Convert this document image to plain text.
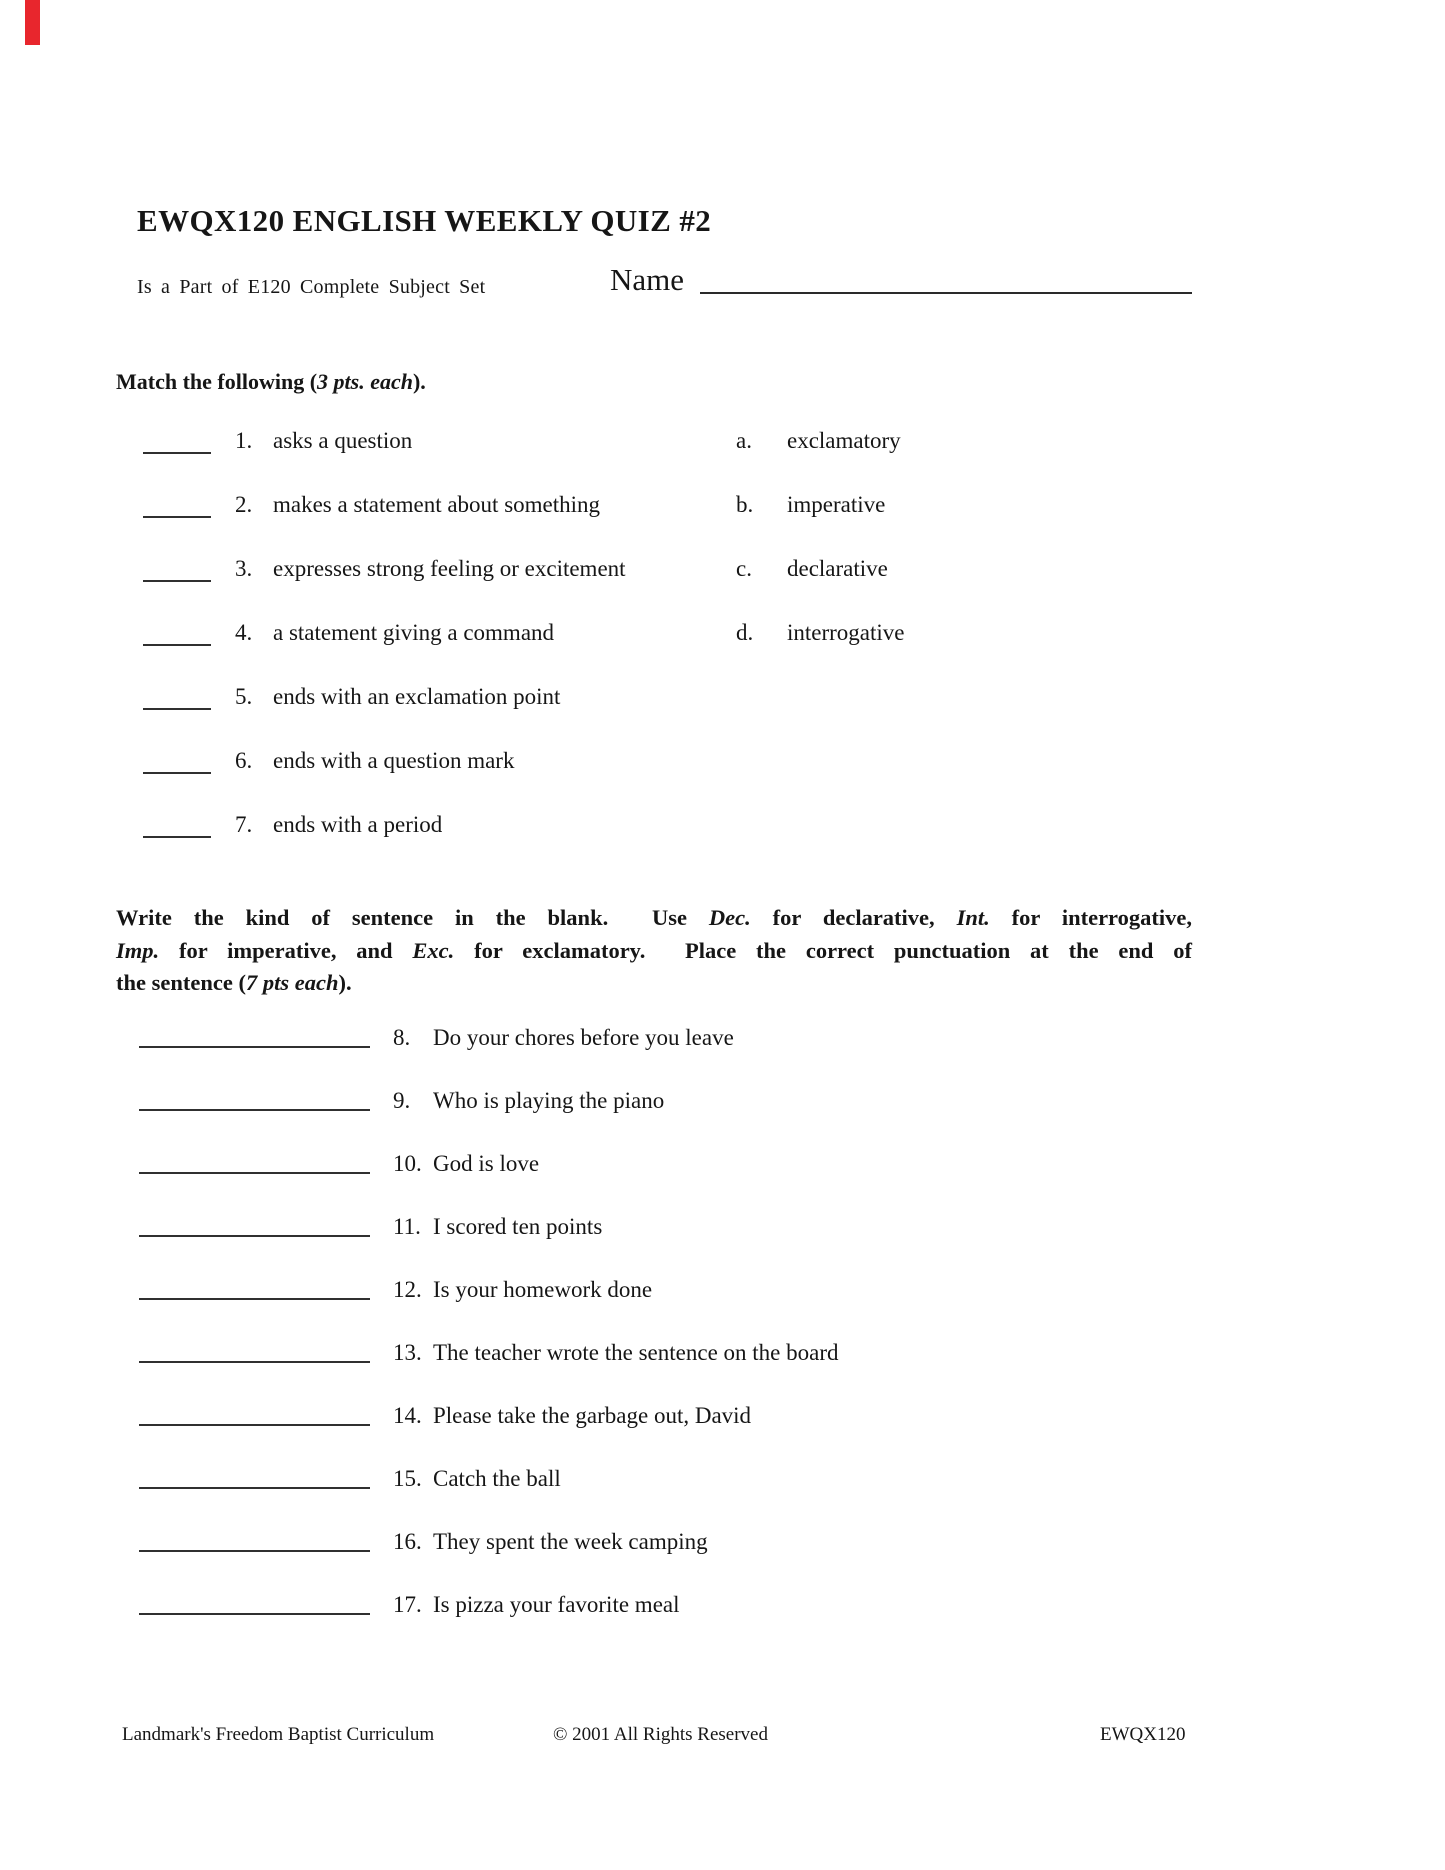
EWQX120 ENGLISH WEEKLY QUIZ #2
Is a Part of E120 Complete Subject Set	Name
Match the following (3 pts. each).
1. asks a question	a. exclamatory
2. makes a statement about something	b. imperative
3. expresses strong feeling or excitement	c. declarative
4. a statement giving a command	d. interrogative
5. ends with an exclamation point
6. ends with a question mark
7. ends with a period
Write the kind of sentence in the blank.  Use Dec. for declarative, Int. for interrogative,
Imp. for imperative, and Exc. for exclamatory.  Place the correct punctuation at the end of
the sentence (7 pts each).
8. Do your chores before you leave
9. Who is playing the piano
10. God is love
11. I scored ten points
12. Is your homework done
13. The teacher wrote the sentence on the board
14. Please take the garbage out, David
15. Catch the ball
16. They spent the week camping
17. Is pizza your favorite meal
Landmark's Freedom Baptist Curriculum	© 2001 All Rights Reserved	EWQX120
